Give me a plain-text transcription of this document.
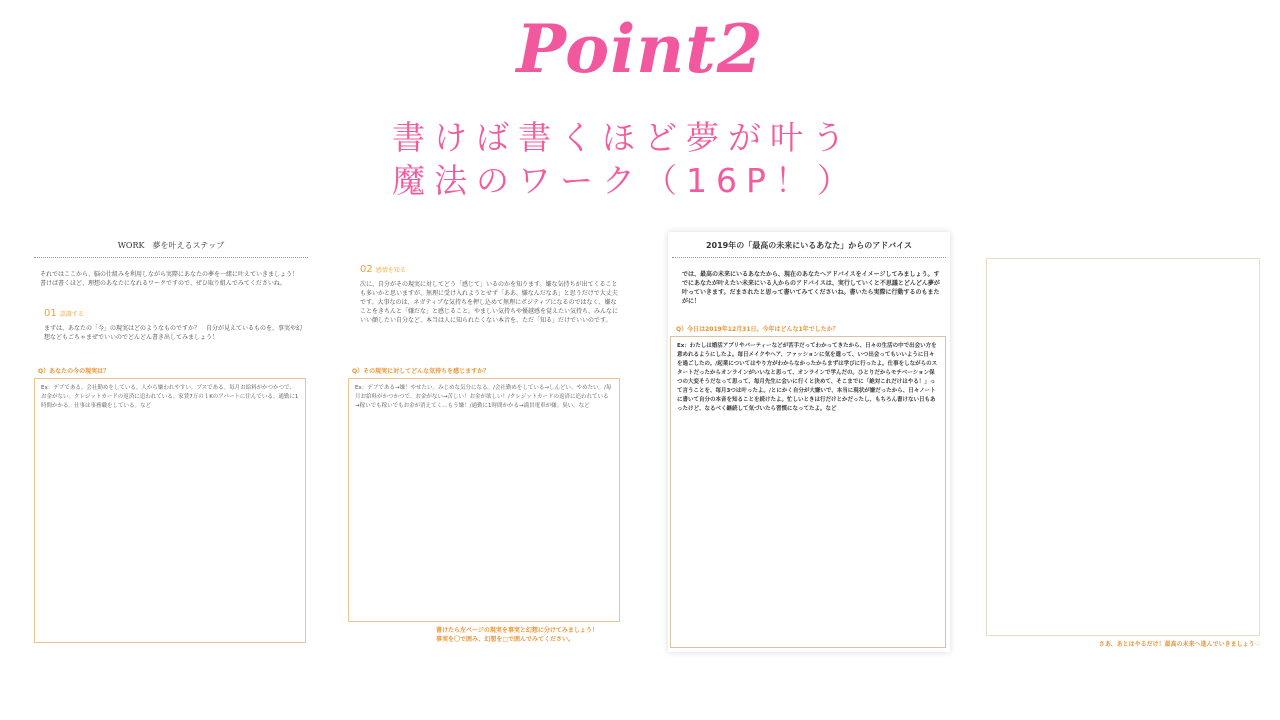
Point2
書けば書くほど夢が叶う
魔法のワーク（16P！）
WORK　夢を叶えるステップ
それではここから、脳の仕組みを利用しながら実際にあなたの夢を一緒に叶えていきましょう！　書けば書くほど、理想のあなたになれるワークですので、ぜひ取り組んでみてくださいね。
01 認識する
まずは、あなたの「今」の現実はどのようなものですか？　自分が見えているものを、事実や幻想などもごちゃまぜでいいのでどんどん書き出してみましょう！
Q）あなたの今の現実は？
Ex：デブである。会社勤めをしている。人から嫌われやすい。ブスである。毎月お給料がかつかつで、お金がない。クレジットカードの返済に追われている。家賃7万の１Kのアパートに住んでいる。通勤に1時間かかる。仕事は事務職をしている。など
02 感情を知る
次に、自分がその現実に対してどう「感じて」いるのかを知ります。嫌な気持ちが出てくることも多いかと思いますが、無理に受け入れようとせず「ああ、嫌なんだなあ」と思うだけで大丈夫です。大事なのは、ネガティブな気持ちを押し込めて無理にポジティブになるのではなく、嫌なことをきちんと「嫌だな」と感じること。やましい気持ちや優越感を覚えたい気持ち、みんなにいい顔したい自分など、本当は人に知られたくない本音を、ただ「知る」だけでいいのです。
Q）その現実に対してどんな気持ちを感じますか？
Ex：デブである→嫌！やせたい。みじめな気分になる。/会社勤めをしている→しんどい。やめたい。/毎月お給料がかつかつで、お金がない→苦しい！お金が欲しい！/クレジットカードの返済に追われている→稼いでも稼いでもお金が消えてく…もう嫌！/通勤に1時間かかる→満員電車が嫌。臭い。など
書けたら左ページの現実を事実と幻想に分けてみましょう！
事実を〇で囲み、幻想を□で囲んでみてください。
2019年の「最高の未来にいるあなた」からのアドバイス
では、最高の未来にいるあなたから、現在のあなたへアドバイスをイメージしてみましょう。すでにあなたが叶えたい未来にいる人からのアドバイスは、実行していくと不思議とどんどん夢が叶っていきます。だまされたと思って書いてみてくださいね。書いたら実際に行動するのもまたがに！
Q）今日は2019年12月31日。今年はどんな1年でしたか？
Ex：わたしは婚活アプリやパーティーなどが苦手だってわかってきたから、日々の生活の中で出会い方を意めれるようにしたよ。毎日メイクやヘア、ファッションに気を遣って、いつ出会ってもいいように日々を過ごしたの。/起業についてはやり方がわからなかったからまずは学びに行ったよ。仕事をしながらのスタートだったからオンラインがいいなと思って、オンラインで学んだの。ひとりだからモチベーション保つの大変そうだなって思って、毎月先生に会いに行くと決めて、そこまでに「絶対これだけはやる！」って言うことを、毎月3つは叶ったよ。/とにかく自分が大嫌いで、本当に現状が嫌だったから、日々ノートに書いて自分の本音を知ることを続けたよ。忙しいときは行だけとかだったし、もちろん書けない日もあったけど、なるべく継続して気づいたら習慣になってたよ。など
さあ、あとはやるだけ！最高の未来へ進んでいきましょう♡
